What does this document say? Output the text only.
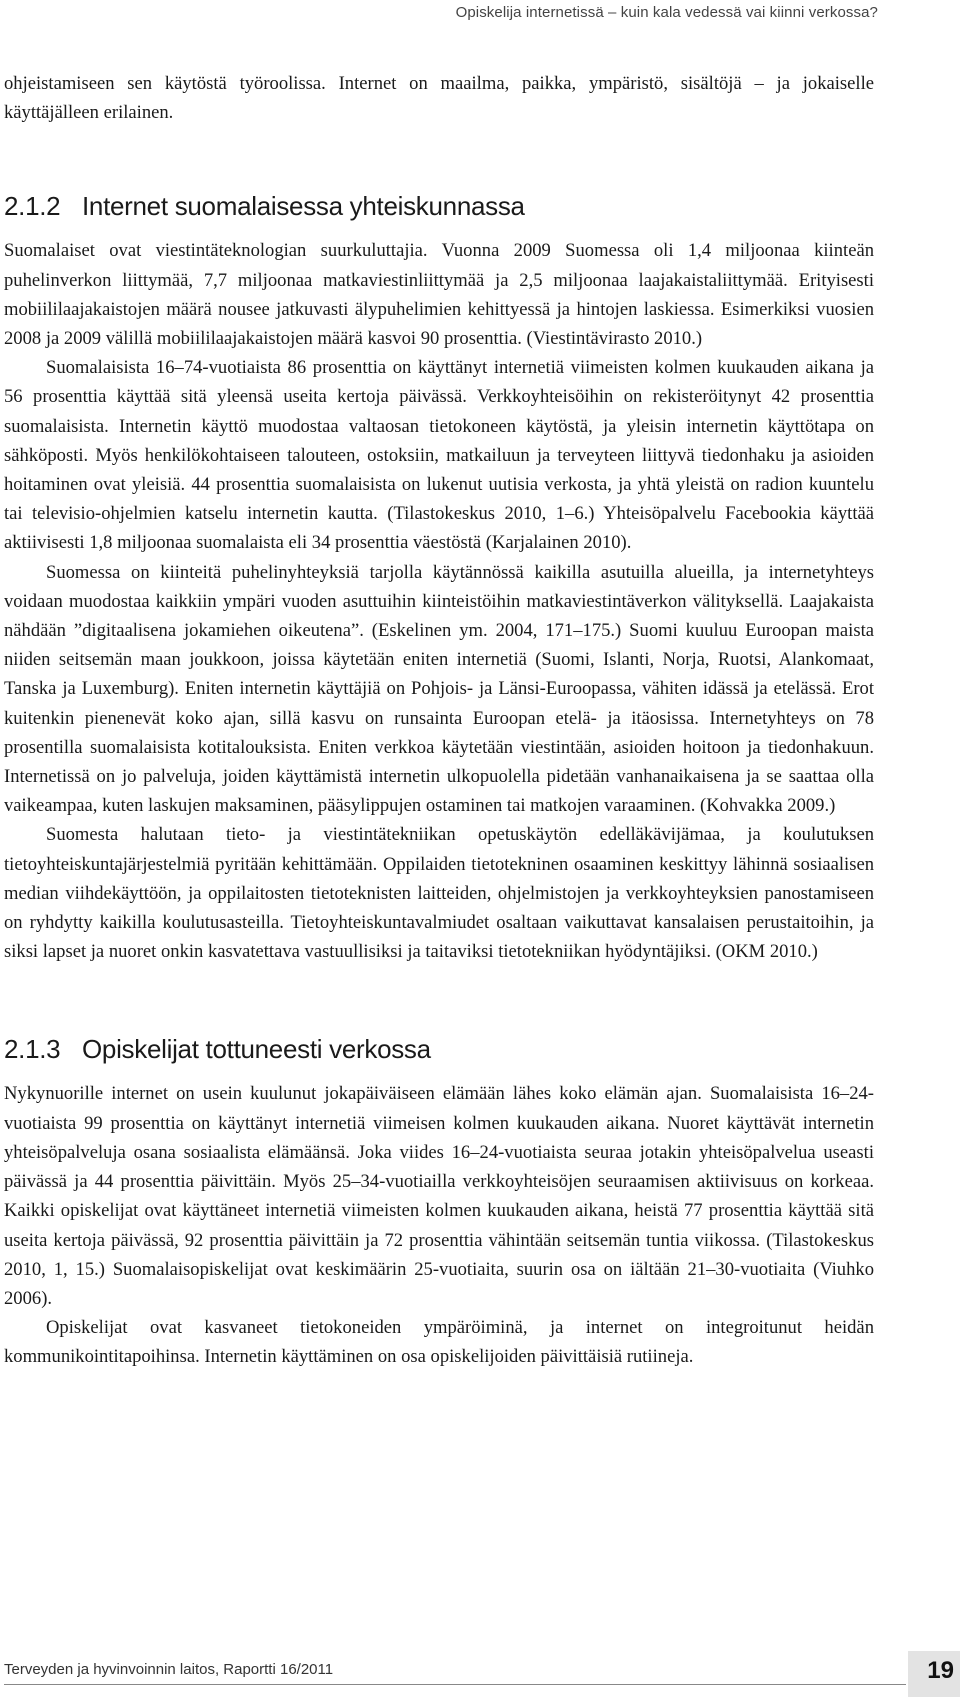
Opiskelija internetissä – kuin kala vedessä vai kiinni verkossa?

ohjeistamiseen sen käytöstä työroolissa. Internet on maailma, paikka, ympäristö, sisältöjä – ja jokaiselle käyttäjälleen erilainen.

2.1.2 Internet suomalaisessa yhteiskunnassa

Suomalaiset ovat viestintäteknologian suurkuluttajia. Vuonna 2009 Suomessa oli 1,4 miljoonaa kiinteän puhelinverkon liittymää, 7,7 miljoonaa matkaviestinliittymää ja 2,5 miljoonaa laajakaistaliittymää. Erityisesti mobiililaajakaistojen määrä nousee jatkuvasti älypuhelimien kehittyessä ja hintojen laskiessa. Esimerkiksi vuosien 2008 ja 2009 välillä mobiililaajakaistojen määrä kasvoi 90 prosenttia. (Viestintävirasto 2010.)

Suomalaisista 16–74-vuotiaista 86 prosenttia on käyttänyt internetiä viimeisten kolmen kuukauden aikana ja 56 prosenttia käyttää sitä yleensä useita kertoja päivässä. Verkkoyhteisöihin on rekisteröitynyt 42 prosenttia suomalaisista. Internetin käyttö muodostaa valtaosan tietokoneen käytöstä, ja yleisin internetin käyttötapa on sähköposti. Myös henkilökohtaiseen talouteen, ostoksiin, matkailuun ja terveyteen liittyvä tiedonhaku ja asioiden hoitaminen ovat yleisiä. 44 prosenttia suomalaisista on lukenut uutisia verkosta, ja yhtä yleistä on radion kuuntelu tai televisio-ohjelmien katselu internetin kautta. (Tilastokeskus 2010, 1–6.) Yhteisöpalvelu Facebookia käyttää aktiivisesti 1,8 miljoonaa suomalaista eli 34 prosenttia väestöstä (Karjalainen 2010).

Suomessa on kiinteitä puhelinyhteyksiä tarjolla käytännössä kaikilla asutuilla alueilla, ja internetyhteys voidaan muodostaa kaikkiin ympäri vuoden asuttuihin kiinteistöihin matkaviestintäverkon välityksellä. Laajakaista nähdään ”digitaalisena jokamiehen oikeutena”. (Eskelinen ym. 2004, 171–175.) Suomi kuuluu Euroopan maista niiden seitsemän maan joukkoon, joissa käytetään eniten internetiä (Suomi, Islanti, Norja, Ruotsi, Alankomaat, Tanska ja Luxemburg). Eniten internetin käyttäjiä on Pohjois- ja Länsi-Euroopassa, vähiten idässä ja etelässä. Erot kuitenkin pienenevät koko ajan, sillä kasvu on runsainta Euroopan etelä- ja itäosissa. Internetyhteys on 78 prosentilla suomalaisista kotitalouksista. Eniten verkkoa käytetään viestintään, asioiden hoitoon ja tiedonhakuun. Internetissä on jo palveluja, joiden käyttämistä internetin ulkopuolella pidetään vanhanaikaisena ja se saattaa olla vaikeampaa, kuten laskujen maksaminen, pääsylippujen ostaminen tai matkojen varaaminen. (Kohvakka 2009.)

Suomesta halutaan tieto- ja viestintätekniikan opetuskäytön edelläkävijämaa, ja koulutuksen tietoyhteiskuntajärjestelmiä pyritään kehittämään. Oppilaiden tietotekninen osaaminen keskittyy lähinnä sosiaalisen median viihdekäyttöön, ja oppilaitosten tietoteknisten laitteiden, ohjelmistojen ja verkkoyhteyksien panostamiseen on ryhdytty kaikilla koulutusasteilla. Tietoyhteiskuntavalmiudet osaltaan vaikuttavat kansalaisen perustaitoihin, ja siksi lapset ja nuoret onkin kasvatettava vastuullisiksi ja taitaviksi tietotekniikan hyödyntäjiksi. (OKM 2010.)

2.1.3 Opiskelijat tottuneesti verkossa

Nykynuorille internet on usein kuulunut jokapäiväiseen elämään lähes koko elämän ajan. Suomalaisista 16–24-vuotiaista 99 prosenttia on käyttänyt internetiä viimeisen kolmen kuukauden aikana. Nuoret käyttävät internetin yhteisöpalveluja osana sosiaalista elämäänsä. Joka viides 16–24-vuotiaista seuraa jotakin yhteisöpalvelua useasti päivässä ja 44 prosenttia päivittäin. Myös 25–34-vuotiailla verkkoyhteisöjen seuraamisen aktiivisuus on korkeaa. Kaikki opiskelijat ovat käyttäneet internetiä viimeisten kolmen kuukauden aikana, heistä 77 prosenttia käyttää sitä useita kertoja päivässä, 92 prosenttia päivittäin ja 72 prosenttia vähintään seitsemän tuntia viikossa. (Tilastokeskus 2010, 1, 15.) Suomalaisopiskelijat ovat keskimäärin 25-vuotiaita, suurin osa on iältään 21–30-vuotiaita (Viuhko 2006).

Opiskelijat ovat kasvaneet tietokoneiden ympäröiminä, ja internet on integroitunut heidän kommunikointitapoihinsa. Internetin käyttäminen on osa opiskelijoiden päivittäisiä rutiineja.

Terveyden ja hyvinvoinnin laitos, Raportti 16/2011	19
